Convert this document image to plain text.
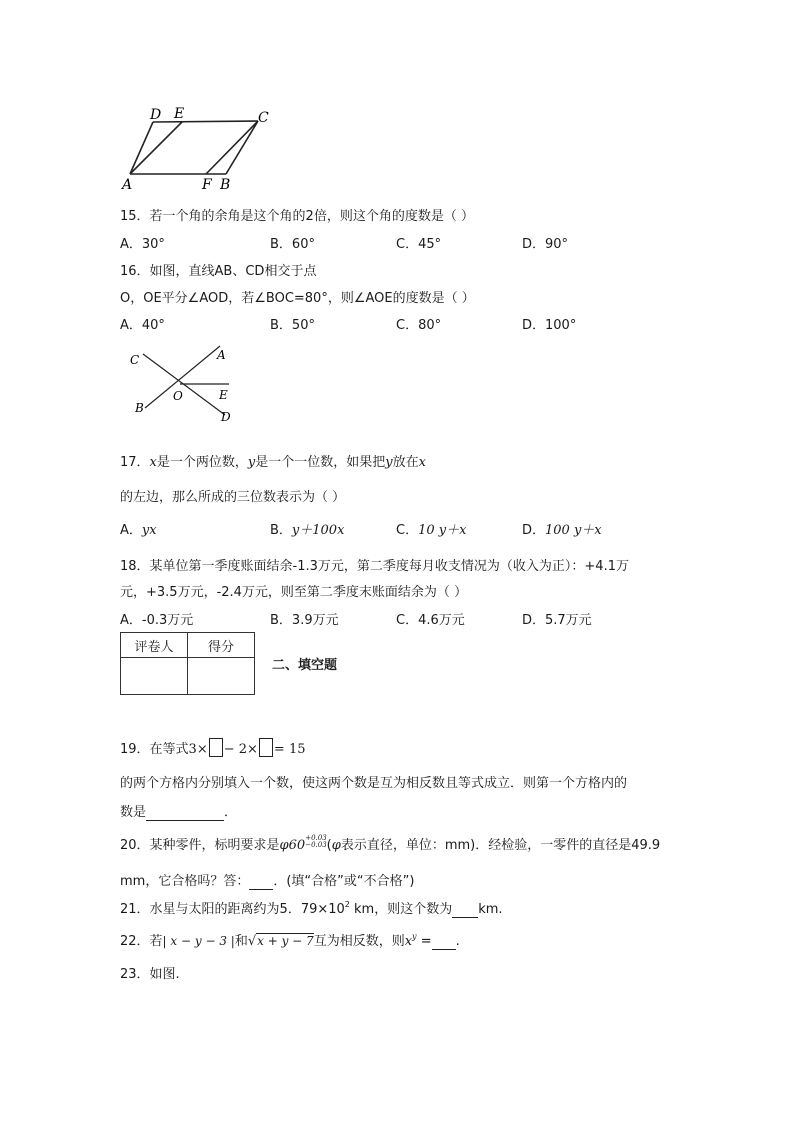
D E	C
A	F B
15．若一个角的余角是这个角的2倍，则这个角的度数是（ ）
A．30°	B．60°	C．45°	D．90°
16．如图，直线AB、CD相交于点
O，OE平分∠AOD，若∠BOC=80°，则∠AOE的度数是（ ）
A．40°	B．50°	C．80°	D．100°
C	A
O	E
B
D
17．x是一个两位数，y是一个一位数，如果把y放在x
的左边，那么所成的三位数表示为（ ）
A．yx	B．y＋100x	C．10 y＋x	D．100 y＋x
18．某单位第一季度账面结余-1.3万元，第二季度每月收支情况为（收入为正）：+4.1万
元，+3.5万元，-2.4万元，则至第二季度末账面结余为（ ）
A．-0.3万元	B．3.9万元	C．4.6万元	D．5.7万元
评卷人	得分

二、填空题
19．在等式3× − 2× = 15
的两个方格内分别填入一个数，使这两个数是互为相反数且等式成立．则第一个方格内的
数是	．
20．某种零件，标明要求是φ60+0.03
−0.03(φ表示直径，单位：mm)．经检验，一零件的直径是49.9
mm，它合格吗？答： ．(填“合格”或“不合格”)
21．水星与太阳的距离约为5．$79\times 10^2$ km，则这个数为 km.
22．若| x − y − 3 |和√x + y − 7互为相反数，则$x^y$ = .
23．如图.
